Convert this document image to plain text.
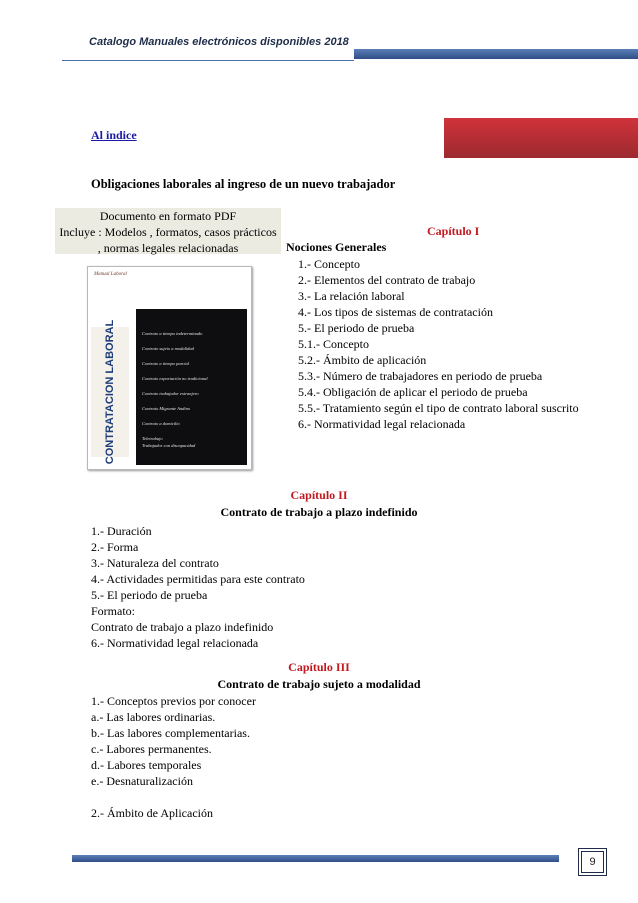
Catalogo Manuales electrónicos disponibles 2018
Al indice
Obligaciones laborales al ingreso de un nuevo trabajador
Documento en formato PDF
Incluye : Modelos , formatos, casos prácticos
, normas legales relacionadas
Manual Laboral
CONTRATACION LABORAL	Contrato a tiempo indeterminado
Contrato sujeto a modalidad
Contrato a tiempo parcial
Contrato exportación no tradicional
Contrato trabajador extranjero
Contrato Migrante Andino
Contrato a domicilio
Teletrabajo
Trabajador con discapacidad
Capítulo I
Nociones Generales
1.- Concepto
2.- Elementos del contrato de trabajo
3.- La relación laboral
4.- Los tipos de sistemas de contratación
5.- El periodo de prueba
5.1.- Concepto
5.2.- Ámbito de aplicación
5.3.- Número de trabajadores en periodo de prueba
5.4.- Obligación de aplicar el periodo de prueba
5.5.- Tratamiento según el tipo de contrato laboral suscrito
6.- Normatividad legal relacionada
Capítulo II
Contrato de trabajo a plazo indefinido
1.- Duración
2.- Forma
3.- Naturaleza del contrato
4.- Actividades permitidas para este contrato
5.- El periodo de prueba
Formato:
Contrato de trabajo a plazo indefinido
6.- Normatividad legal relacionada
Capítulo III
Contrato de trabajo sujeto a modalidad
1.- Conceptos previos por conocer
a.- Las labores ordinarias.
b.- Las labores complementarias.
c.- Labores permanentes.
d.- Labores temporales
e.- Desnaturalización
2.- Ámbito de Aplicación
9
